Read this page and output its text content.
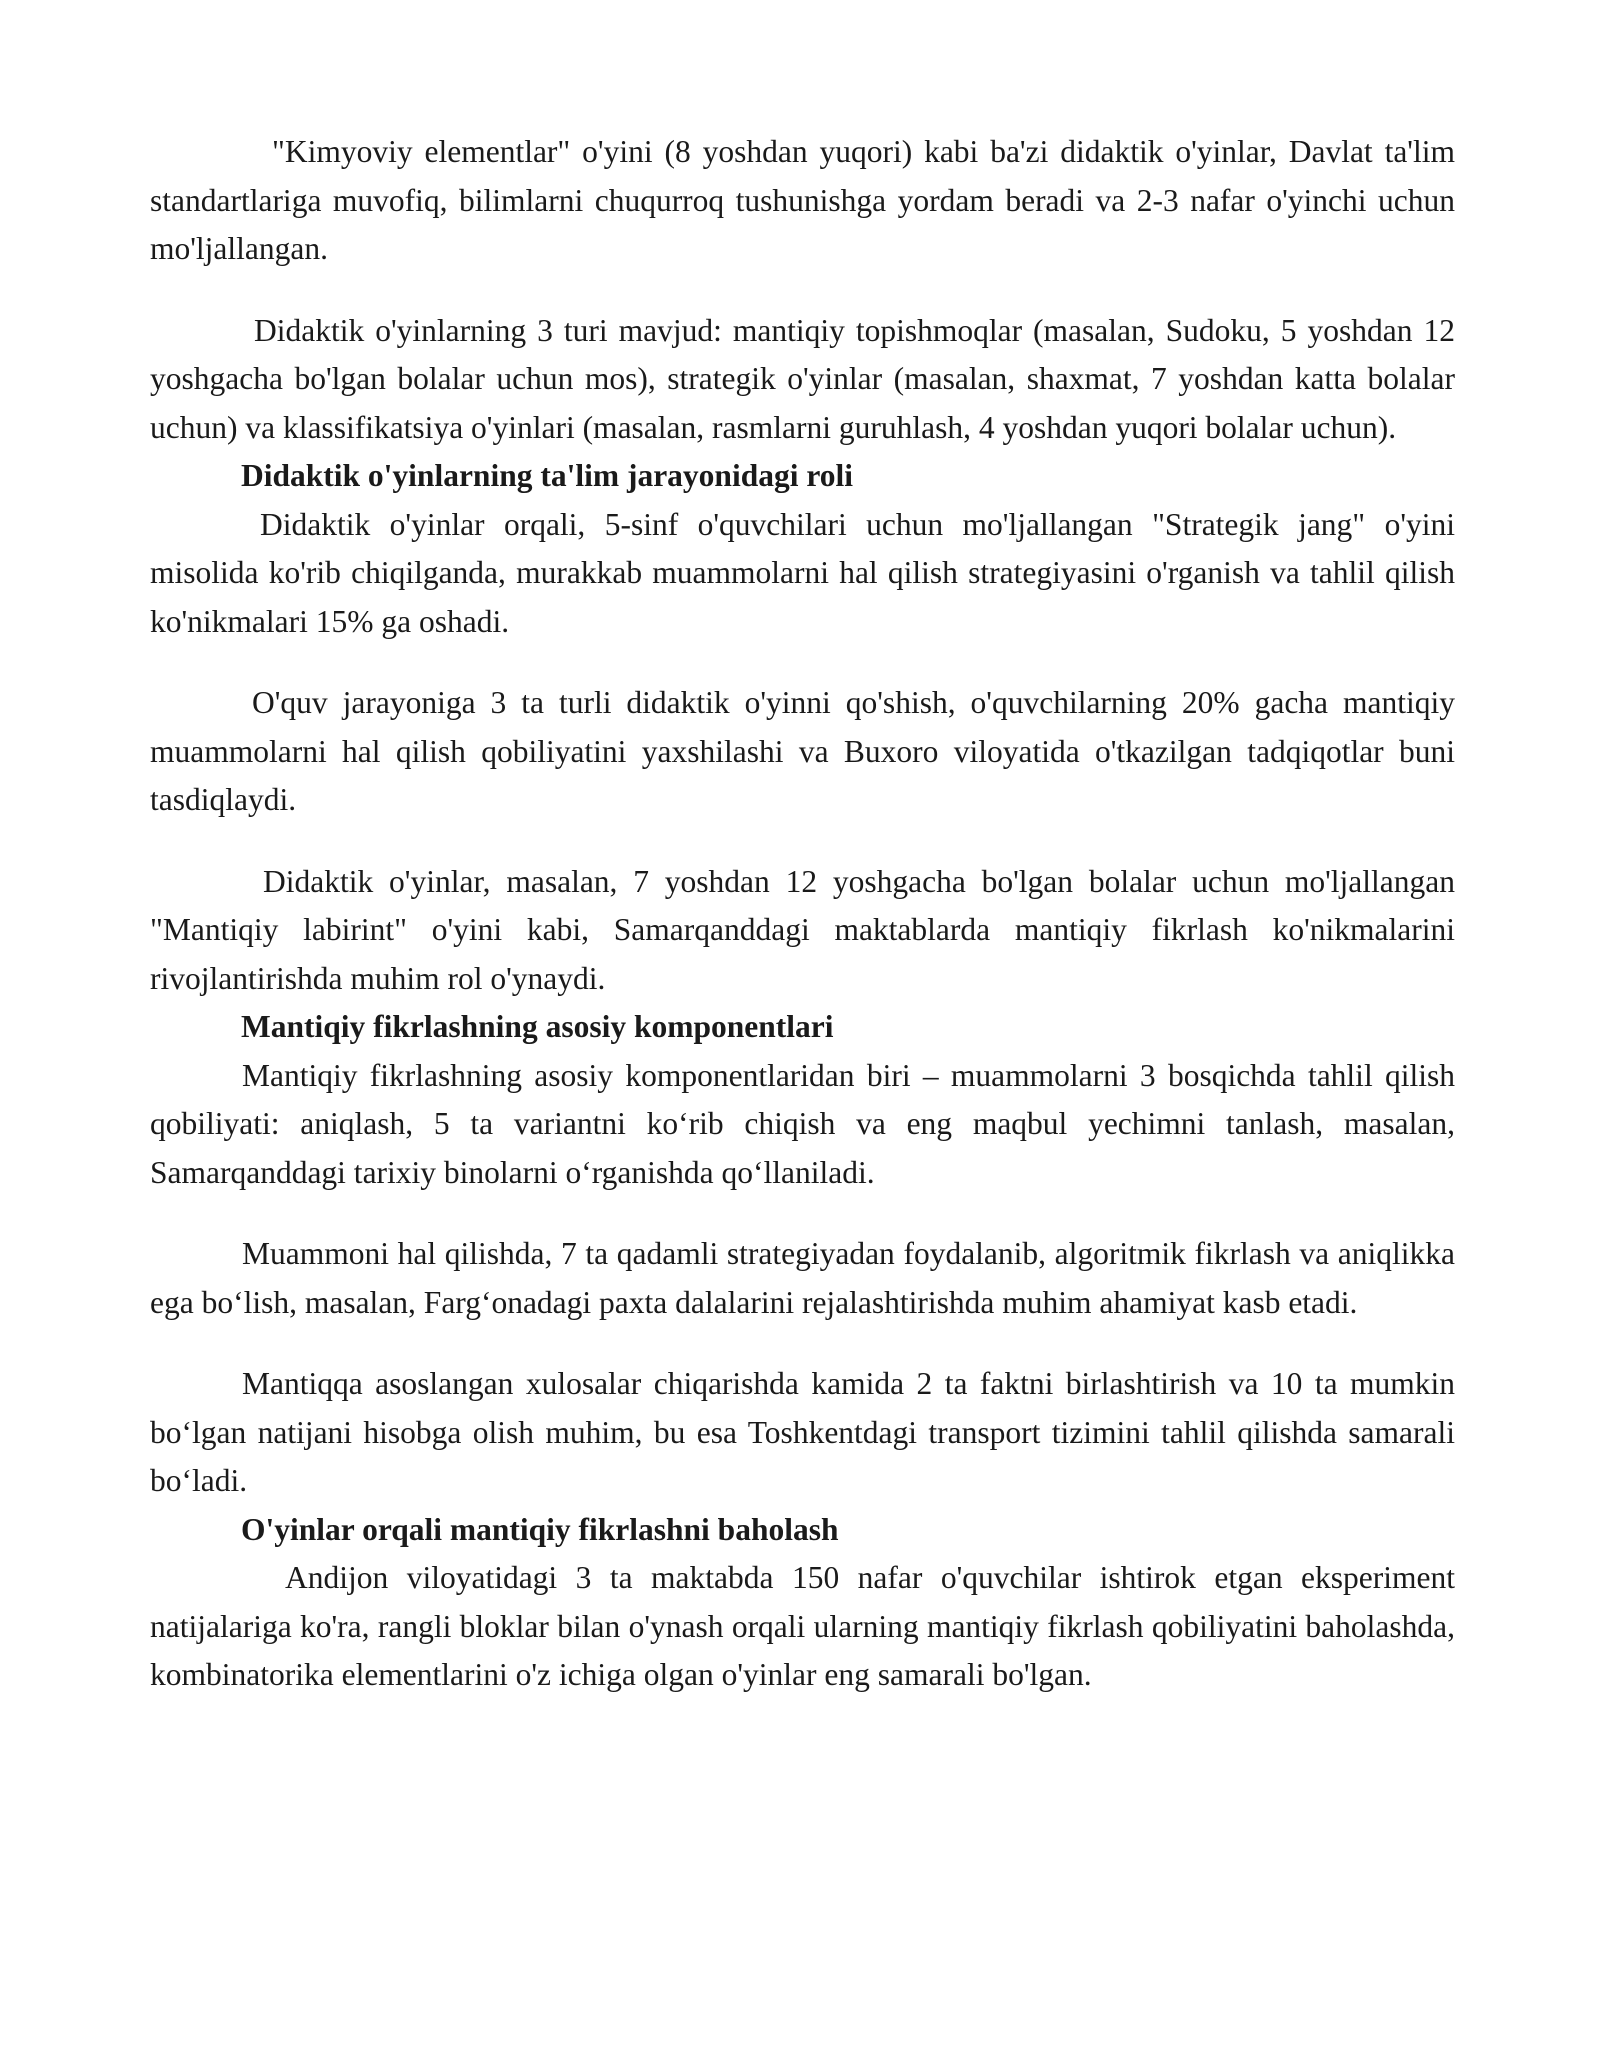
"Kimyoviy elementlar" o'yini (8 yoshdan yuqori) kabi ba'zi didaktik o'yinlar, Davlat ta'lim standartlariga muvofiq, bilimlarni chuqurroq tushunishga yordam beradi va 2-3 nafar o'yinchi uchun mo'ljallangan.

Didaktik o'yinlarning 3 turi mavjud: mantiqiy topishmoqlar (masalan, Sudoku, 5 yoshdan 12 yoshgacha bo'lgan bolalar uchun mos), strategik o'yinlar (masalan, shaxmat, 7 yoshdan katta bolalar uchun) va klassifikatsiya o'yinlari (masalan, rasmlarni guruhlash, 4 yoshdan yuqori bolalar uchun).

Didaktik o'yinlarning ta'lim jarayonidagi roli

Didaktik o'yinlar orqali, 5-sinf o'quvchilari uchun mo'ljallangan "Strategik jang" o'yini misolida ko'rib chiqilganda, murakkab muammolarni hal qilish strategiyasini o'rganish va tahlil qilish ko'nikmalari 15% ga oshadi.

O'quv jarayoniga 3 ta turli didaktik o'yinni qo'shish, o'quvchilarning 20% gacha mantiqiy muammolarni hal qilish qobiliyatini yaxshilashi va Buxoro viloyatida o'tkazilgan tadqiqotlar buni tasdiqlaydi.

Didaktik o'yinlar, masalan, 7 yoshdan 12 yoshgacha bo'lgan bolalar uchun mo'ljallangan "Mantiqiy labirint" o'yini kabi, Samarqanddagi maktablarda mantiqiy fikrlash ko'nikmalarini rivojlantirishda muhim rol o'ynaydi.

Mantiqiy fikrlashning asosiy komponentlari

Mantiqiy fikrlashning asosiy komponentlaridan biri – muammolarni 3 bosqichda tahlil qilish qobiliyati: aniqlash, 5 ta variantni ko‘rib chiqish va eng maqbul yechimni tanlash, masalan, Samarqanddagi tarixiy binolarni o‘rganishda qo‘llaniladi.

Muammoni hal qilishda, 7 ta qadamli strategiyadan foydalanib, algoritmik fikrlash va aniqlikka ega bo‘lish, masalan, Farg‘onadagi paxta dalalarini rejalashtirishda muhim ahamiyat kasb etadi.

Mantiqqa asoslangan xulosalar chiqarishda kamida 2 ta faktni birlashtirish va 10 ta mumkin bo‘lgan natijani hisobga olish muhim, bu esa Toshkentdagi transport tizimini tahlil qilishda samarali bo‘ladi.

O'yinlar orqali mantiqiy fikrlashni baholash

Andijon viloyatidagi 3 ta maktabda 150 nafar o'quvchilar ishtirok etgan eksperiment natijalariga ko'ra, rangli bloklar bilan o'ynash orqali ularning mantiqiy fikrlash qobiliyatini baholashda, kombinatorika elementlarini o'z ichiga olgan o'yinlar eng samarali bo'lgan.
